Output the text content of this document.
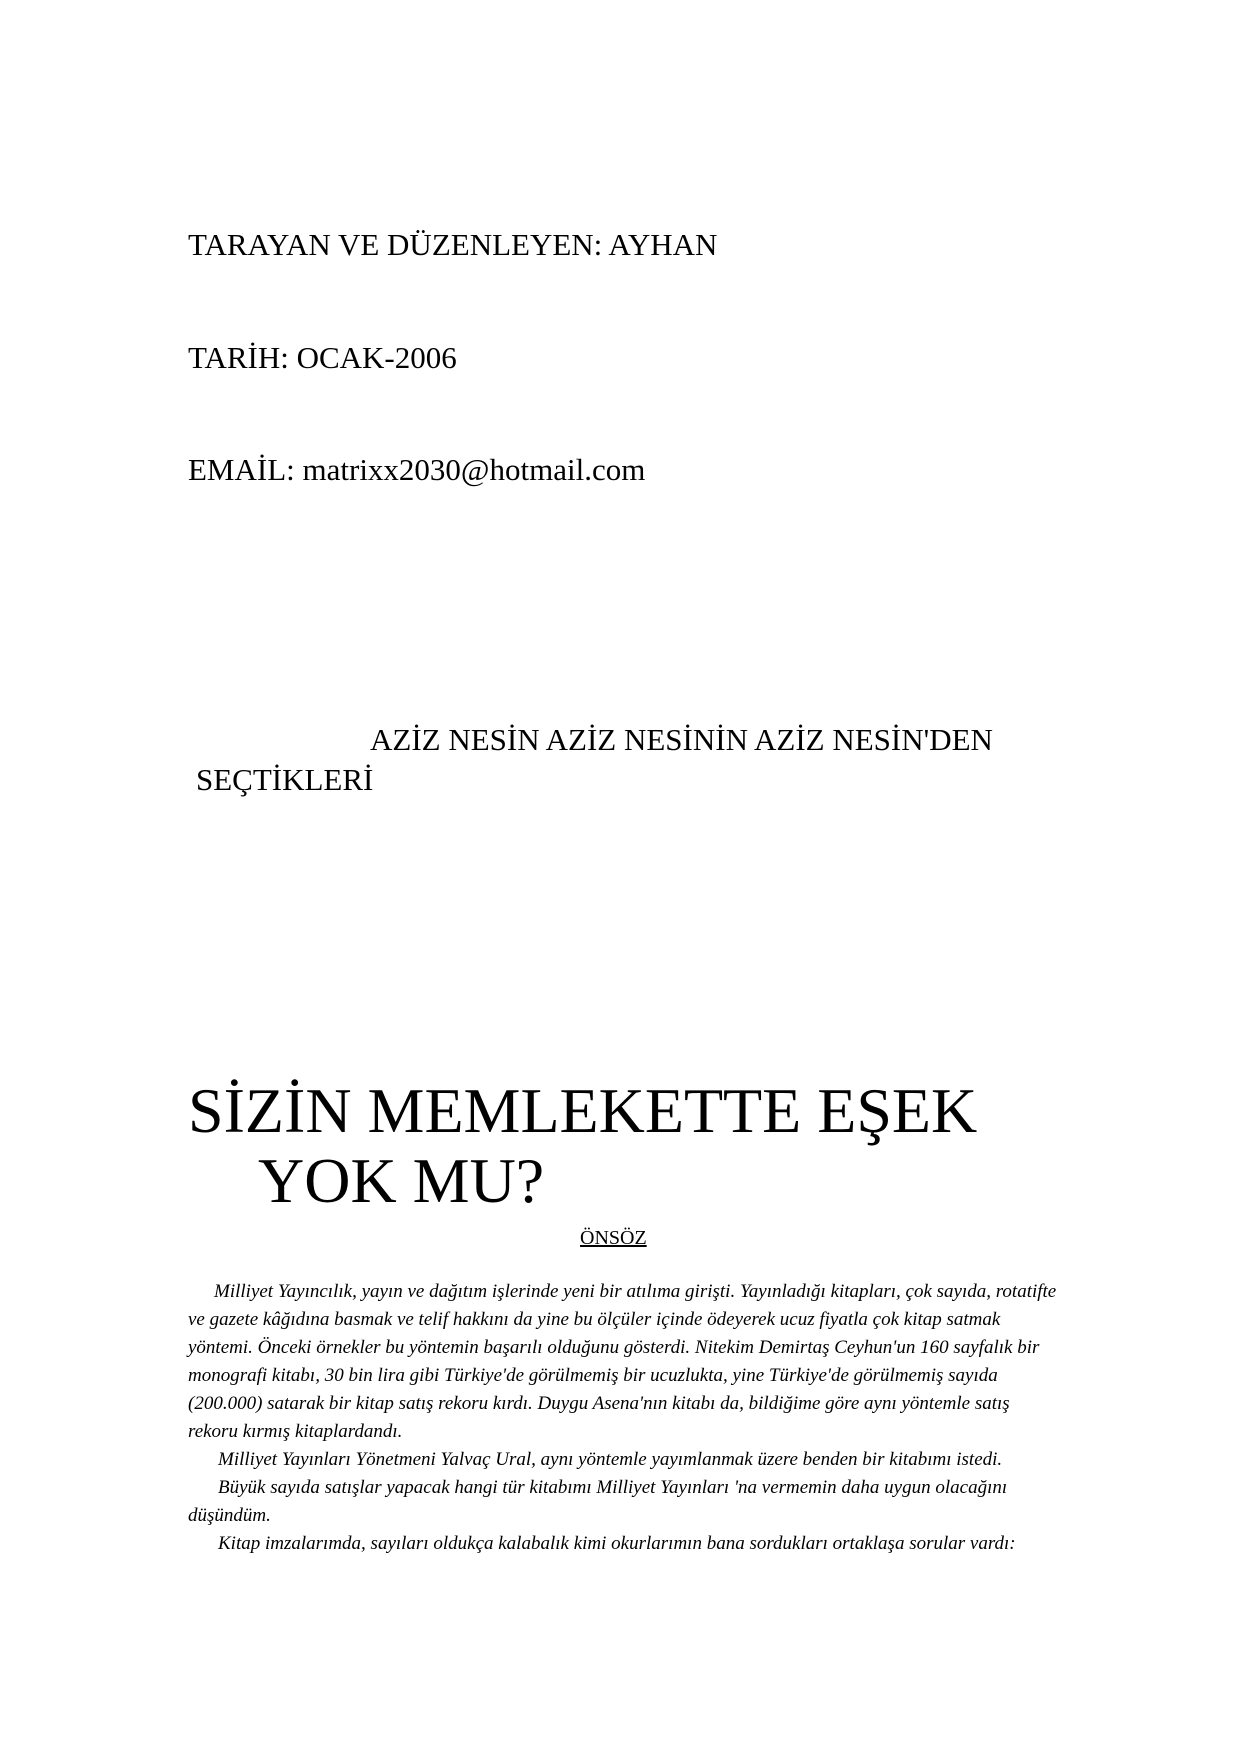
TARAYAN VE DÜZENLEYEN: AYHAN
TARİH: OCAK-2006
EMAİL: matrixx2030@hotmail.com
AZİZ NESİN AZİZ NESİNİN AZİZ NESİN'DEN SEÇTİKLERİ
SİZİN MEMLEKETTE EŞEK
YOK MU?
ÖNSÖZ

Milliyet Yayıncılık, yayın ve dağıtım işlerinde yeni bir atılıma girişti. Yayınladığı kitapları, çok sayıda, rotatifte ve gazete kâğıdına basmak ve telif hakkını da yine bu ölçüler içinde ödeyerek ucuz fiyatla çok kitap satmak yöntemi. Önceki örnekler bu yöntemin başarılı olduğunu gösterdi. Nitekim Demirtaş Ceyhun'un 160 sayfalık bir monografi kitabı, 30 bin lira gibi Türkiye'de görülmemiş bir ucuzlukta, yine Türkiye'de görülmemiş sayıda (200.000) satarak bir kitap satış rekoru kırdı. Duygu Asena'nın kitabı da, bildiğime göre aynı yöntemle satış rekoru kırmış kitaplardandı.

Milliyet Yayınları Yönetmeni Yalvaç Ural, aynı yöntemle yayımlanmak üzere benden bir kitabımı istedi.

Büyük sayıda satışlar yapacak hangi tür kitabımı Milliyet Yayınları 'na vermemin daha uygun olacağını düşündüm.

Kitap imzalarımda, sayıları oldukça kalabalık kimi okurlarımın bana sordukları ortaklaşa sorular vardı:
